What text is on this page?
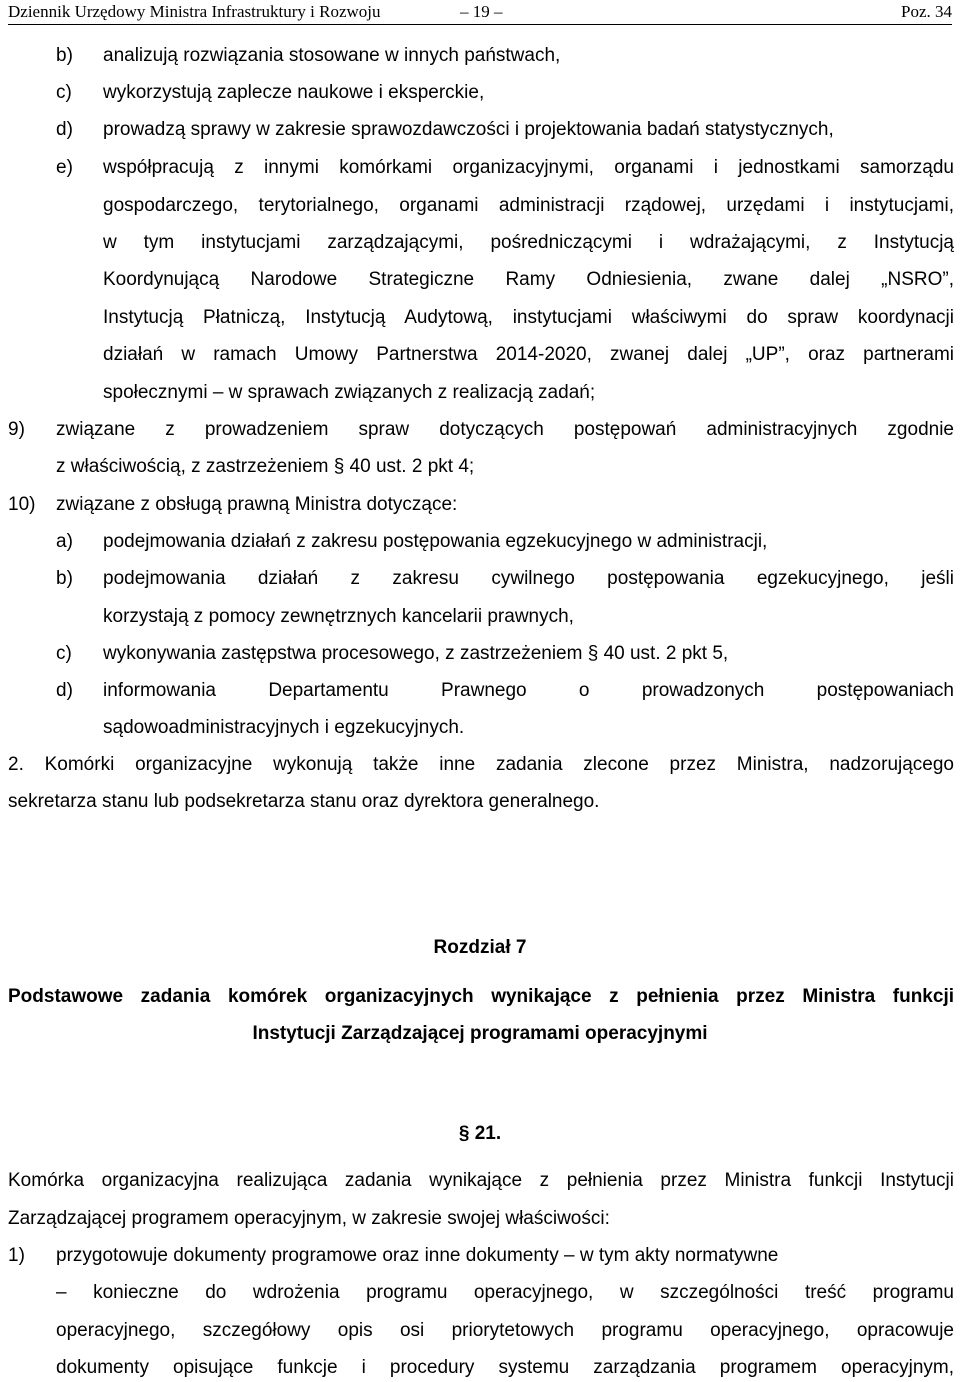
Dziennik Urzędowy Ministra Infrastruktury i Rozwoju	– 19 –	Poz. 34
b) analizują rozwiązania stosowane w innych państwach,
c) wykorzystują zaplecze naukowe i eksperckie,
d) prowadzą sprawy w zakresie sprawozdawczości i projektowania badań statystycznych,
e) współpracują z innymi komórkami organizacyjnymi, organami i jednostkami samorządu
gospodarczego, terytorialnego, organami administracji rządowej, urzędami i instytucjami,
w tym instytucjami zarządzającymi, pośredniczącymi i wdrażającymi, z Instytucją
Koordynującą Narodowe Strategiczne Ramy Odniesienia, zwane dalej „NSRO”,
Instytucją Płatniczą, Instytucją Audytową, instytucjami właściwymi do spraw koordynacji
działań w ramach Umowy Partnerstwa 2014-2020, zwanej dalej „UP”, oraz partnerami
społecznymi – w sprawach związanych z realizacją zadań;
9) związane z prowadzeniem spraw dotyczących postępowań administracyjnych zgodnie
z właściwością, z zastrzeżeniem § 40 ust. 2 pkt 4;
10) związane z obsługą prawną Ministra dotyczące:
a) podejmowania działań z zakresu postępowania egzekucyjnego w administracji,
b) podejmowania działań z zakresu cywilnego postępowania egzekucyjnego, jeśli
korzystają z pomocy zewnętrznych kancelarii prawnych,
c) wykonywania zastępstwa procesowego, z zastrzeżeniem § 40 ust. 2 pkt 5,
d) informowania Departamentu Prawnego o prowadzonych postępowaniach
sądowoadministracyjnych i egzekucyjnych.
2. Komórki organizacyjne wykonują także inne zadania zlecone przez Ministra, nadzorującego
sekretarza stanu lub podsekretarza stanu oraz dyrektora generalnego.
Rozdział 7
Podstawowe zadania komórek organizacyjnych wynikające z pełnienia przez Ministra funkcji
Instytucji Zarządzającej programami operacyjnymi
§ 21.
Komórka organizacyjna realizująca zadania wynikające z pełnienia przez Ministra funkcji Instytucji
Zarządzającej programem operacyjnym, w zakresie swojej właściwości:
1) przygotowuje dokumenty programowe oraz inne dokumenty – w tym akty normatywne
– konieczne do wdrożenia programu operacyjnego, w szczególności treść programu
operacyjnego, szczegółowy opis osi priorytetowych programu operacyjnego, opracowuje
dokumenty opisujące funkcje i procedury systemu zarządzania programem operacyjnym,
